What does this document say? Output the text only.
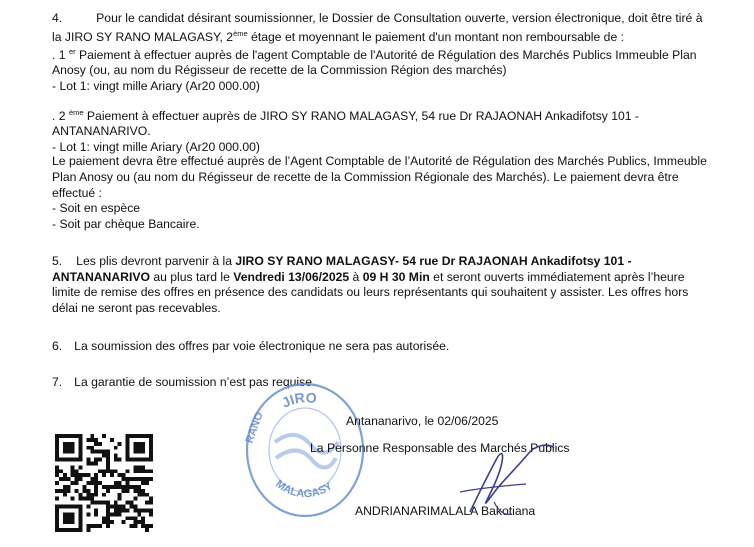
4.	Pour le candidat désirant soumissionner, le Dossier de Consultation ouverte, version électronique, doit être tiré à
la JIRO SY RANO MALAGASY, 2ème étage et moyennant le paiement d'un montant non remboursable de :
. 1 $^{er}$ Paiement à effectuer auprès de l'agent Comptable de l'Autorité de Régulation des Marchés Publics Immeuble Plan
Anosy (ou, au nom du Régisseur de recette de la Commission Région des marchés)
- Lot 1: vingt mille Ariary (Ar20 000.00)
. 2 $^{ème}$ Paiement à effectuer auprès de JIRO SY RANO MALAGASY, 54 rue Dr RAJAONAH Ankadifotsy 101 -
ANTANANARIVO.
- Lot 1: vingt mille Ariary (Ar20 000.00)
Le paiement devra être effectué auprès de l’Agent Comptable de l’Autorité de Régulation des Marchés Publics, Immeuble
Plan Anosy ou (au nom du Régisseur de recette de la Commission Régionale des Marchés). Le paiement devra être
effectué :
- Soit en espèce
- Soit par chèque Bancaire.
5. Les plis devront parvenir à la JIRO SY RANO MALAGASY- 54 rue Dr RAJAONAH Ankadifotsy 101 -
ANTANANARIVO au plus tard le Vendredi 13/06/2025 à 09 H 30 Min et seront ouverts immédiatement après l’heure
limite de remise des offres en présence des candidats ou leurs représentants qui souhaitent y assister. Les offres hors
délai ne seront pas recevables.
6. La soumission des offres par voie électronique ne sera pas autorisée.
7. La garantie de soumission n’est pas requise.
JIRO
RANO
MALAGASY
Antananarivo, le 02/06/2025
La Personne Responsable des Marchés Publics
ANDRIANARIMALALA Bakotiana
